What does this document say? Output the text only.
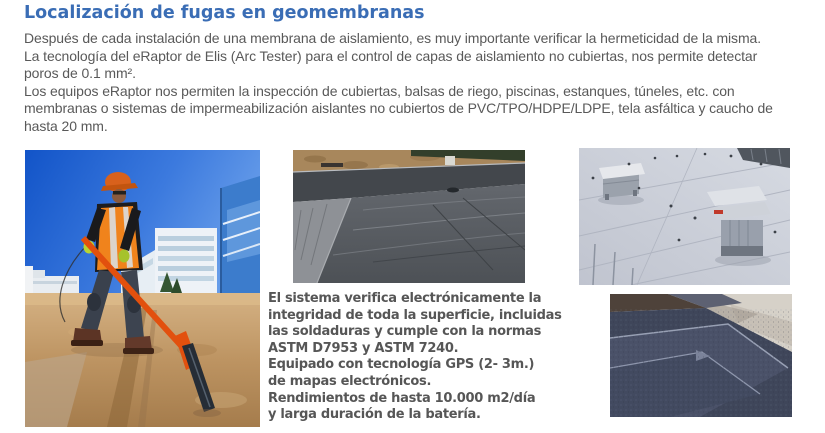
Localización de fugas en geomembranas
Después de cada instalación de una membrana de aislamiento, es muy importante verificar la hermeticidad de la misma.
La tecnología del eRaptor de Elis (Arc Tester) para el control de capas de aislamiento no cubiertas, nos permite detectar
poros de 0.1 mm².
Los equipos eRaptor nos permiten la inspección de cubiertas, balsas de riego, piscinas, estanques, túneles, etc. con
membranas o sistemas de impermeabilización aislantes no cubiertos de PVC/TPO/HDPE/LDPE, tela asfáltica y caucho de
hasta 20 mm.
El sistema verifica electrónicamente la
integridad de toda la superficie, incluidas
las soldaduras y cumple con la normas
ASTM D7953 y ASTM 7240.
Equipado con tecnología GPS (2- 3m.)
de mapas electrónicos.
Rendimientos de hasta 10.000 m2/día
y larga duración de la batería.
